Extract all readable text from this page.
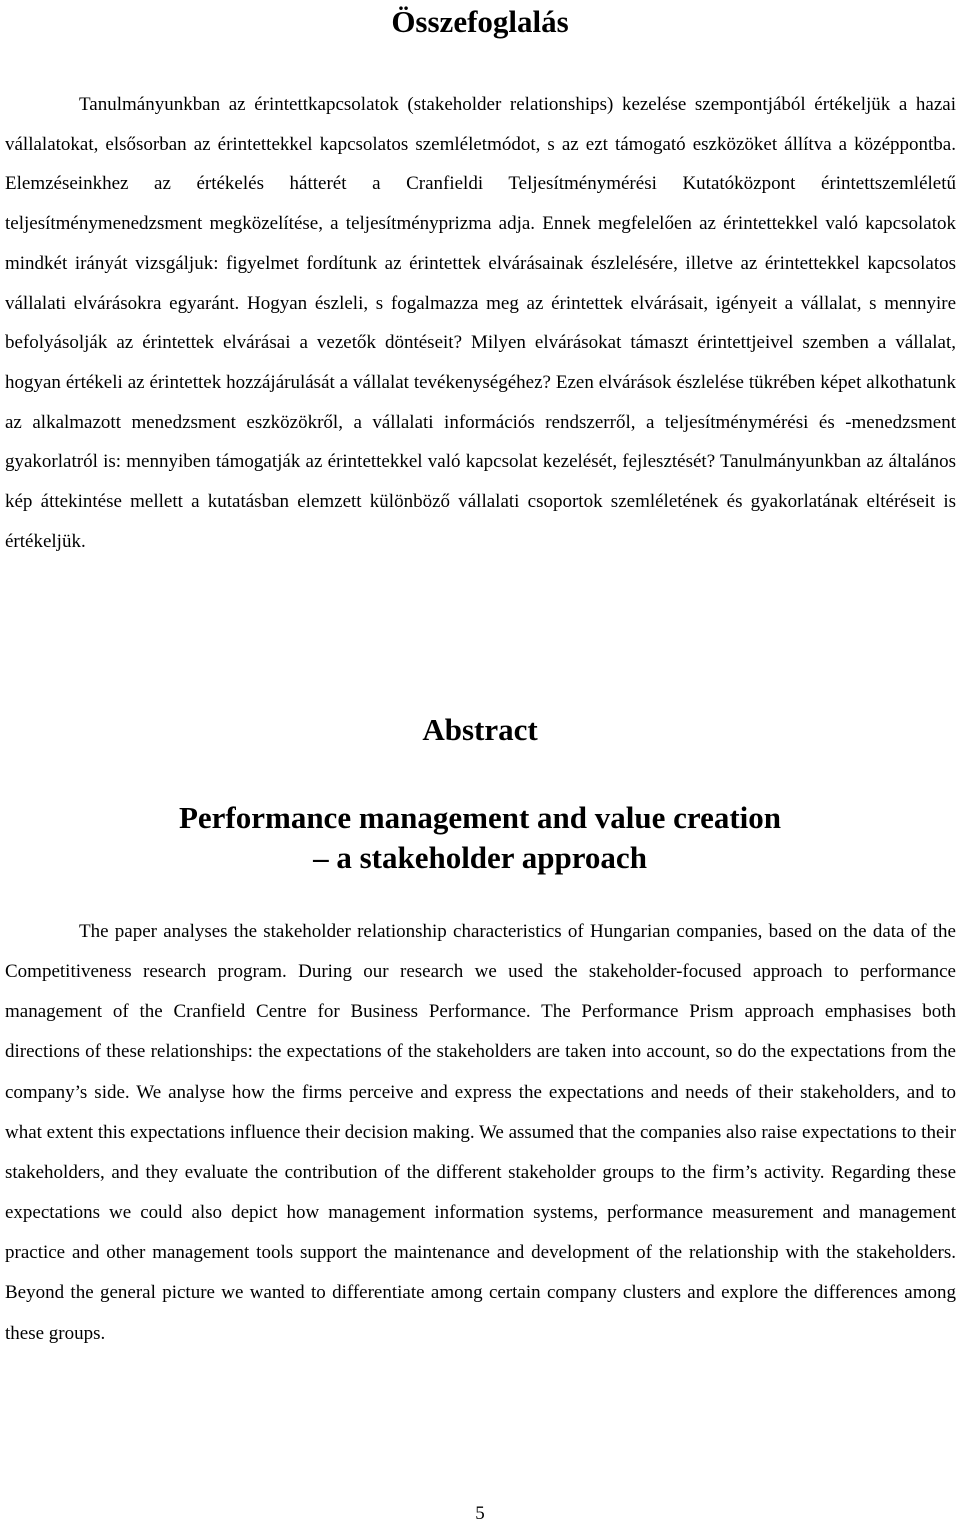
Összefoglalás

Tanulmányunkban az érintettkapcsolatok (stakeholder relationships) kezelése szempontjából értékeljük a hazai vállalatokat, elsősorban az érintettekkel kapcsolatos szemléletmódot, s az ezt támogató eszközöket állítva a középpontba. Elemzéseinkhez az értékelés hátterét a Cranfieldi Teljesítménymérési Kutatóközpont érintettszemléletű teljesítménymenedzsment megközelítése, a teljesítményprizma adja. Ennek megfelelően az érintettekkel való kapcsolatok mindkét irányát vizsgáljuk: figyelmet fordítunk az érintettek elvárásainak észlelésére, illetve az érintettekkel kapcsolatos vállalati elvárásokra egyaránt. Hogyan észleli, s fogalmazza meg az érintettek elvárásait, igényeit a vállalat, s mennyire befolyásolják az érintettek elvárásai a vezetők döntéseit? Milyen elvárásokat támaszt érintettjeivel szemben a vállalat, hogyan értékeli az érintettek hozzájárulását a vállalat tevékenységéhez? Ezen elvárások észlelése tükrében képet alkothatunk az alkalmazott menedzsment eszközökről, a vállalati információs rendszerről, a teljesítménymérési és -menedzsment gyakorlatról is: mennyiben támogatják az érintettekkel való kapcsolat kezelését, fejlesztését? Tanulmányunkban az általános kép áttekintése mellett a kutatásban elemzett különböző vállalati csoportok szemléletének és gyakorlatának eltéréseit is értékeljük.

Abstract
Performance management and value creation
– a stakeholder approach

The paper analyses the stakeholder relationship characteristics of Hungarian companies, based on the data of the Competitiveness research program. During our research we used the stakeholder-focused approach to performance management of the Cranfield Centre for Business Performance. The Performance Prism approach emphasises both directions of these relationships: the expectations of the stakeholders are taken into account, so do the expectations from the company’s side. We analyse how the firms perceive and express the expectations and needs of their stakeholders, and to what extent this expectations influence their decision making. We assumed that the companies also raise expectations to their stakeholders, and they evaluate the contribution of the different stakeholder groups to the firm’s activity. Regarding these expectations we could also depict how management information systems, performance measurement and management practice and other management tools support the maintenance and development of the relationship with the stakeholders. Beyond the general picture we wanted to differentiate among certain company clusters and explore the differences among these groups.

5
